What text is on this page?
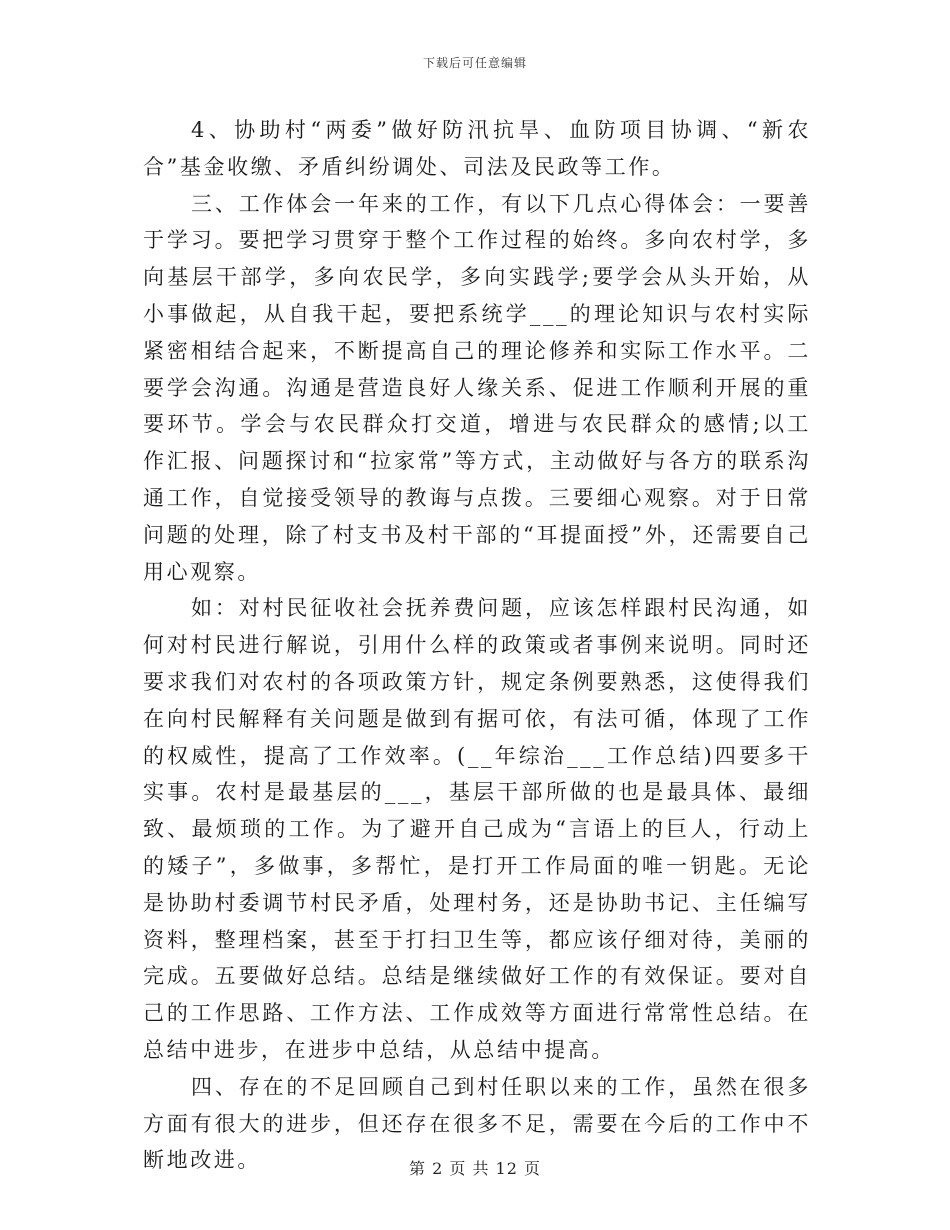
下载后可任意编辑

4、协助村“两委”做好防汛抗旱、血防项目协调、“新农合”基金收缴、矛盾纠纷调处、司法及民政等工作。

三、工作体会一年来的工作，有以下几点心得体会：一要善于学习。要把学习贯穿于整个工作过程的始终。多向农村学，多向基层干部学，多向农民学，多向实践学;要学会从头开始，从小事做起，从自我干起，要把系统学___的理论知识与农村实际紧密相结合起来，不断提高自己的理论修养和实际工作水平。二要学会沟通。沟通是营造良好人缘关系、促进工作顺利开展的重要环节。学会与农民群众打交道，增进与农民群众的感情;以工作汇报、问题探讨和“拉家常”等方式，主动做好与各方的联系沟通工作，自觉接受领导的教诲与点拨。三要细心观察。对于日常问题的处理，除了村支书及村干部的“耳提面授”外，还需要自己用心观察。

如：对村民征收社会抚养费问题，应该怎样跟村民沟通，如何对村民进行解说，引用什么样的政策或者事例来说明。同时还要求我们对农村的各项政策方针，规定条例要熟悉，这使得我们在向村民解释有关问题是做到有据可依，有法可循，体现了工作的权威性，提高了工作效率。(__年综治___工作总结)四要多干实事。农村是最基层的___，基层干部所做的也是最具体、最细致、最烦琐的工作。为了避开自己成为“言语上的巨人，行动上的矮子”，多做事，多帮忙，是打开工作局面的唯一钥匙。无论是协助村委调节村民矛盾，处理村务，还是协助书记、主任编写资料，整理档案，甚至于打扫卫生等，都应该仔细对待，美丽的完成。五要做好总结。总结是继续做好工作的有效保证。要对自己的工作思路、工作方法、工作成效等方面进行常常性总结。在总结中进步，在进步中总结，从总结中提高。

四、存在的不足回顾自己到村任职以来的工作，虽然在很多方面有很大的进步，但还存在很多不足，需要在今后的工作中不断地改进。	第 2 页 共 12 页
